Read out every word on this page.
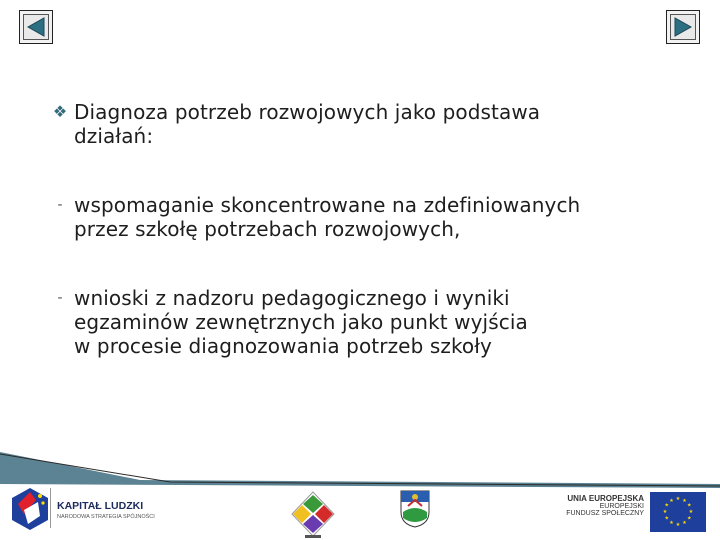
❖ Diagnoza potrzeb rozwojowych jako podstawa
działań:
- wspomaganie skoncentrowane na zdefiniowanych
przez szkołę potrzebach rozwojowych,
- wnioski z nadzoru pedagogicznego i wyniki
egzaminów zewnętrznych jako punkt wyjścia
w procesie diagnozowania potrzeb szkoły
KAPITAŁ LUDZKI
NARODOWA STRATEGIA SPÓJNOŚCI
UNIA EUROPEJSKA
EUROPEJSKI
FUNDUSZ SPOŁECZNY
★ ★
★
★
★
★
★
★
★
★
★
★
